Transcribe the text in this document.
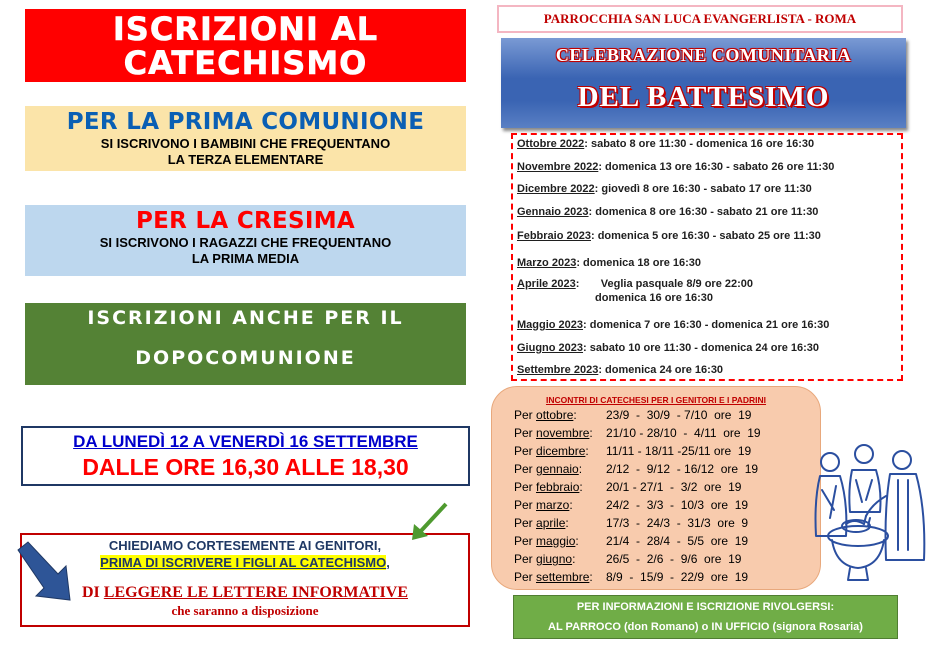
ISCRIZIONI AL
CATECHISMO
PER LA PRIMA COMUNIONE
SI ISCRIVONO I BAMBINI CHE FREQUENTANO
LA TERZA ELEMENTARE
PER LA CRESIMA
SI ISCRIVONO I RAGAZZI CHE FREQUENTANO
LA PRIMA MEDIA
ISCRIZIONI ANCHE PER IL
DOPOCOMUNIONE
DA LUNEDÌ 12 A VENERDÌ 16 SETTEMBRE
DALLE ORE 16,30 ALLE 18,30
CHIEDIAMO CORTESEMENTE AI GENITORI,
PRIMA DI ISCRIVERE I FIGLI AL CATECHISMO,
DI LEGGERE LE LETTERE INFORMATIVE
che saranno a disposizione
PARROCCHIA SAN LUCA EVANGERLISTA - ROMA
CELEBRAZIONE COMUNITARIA
DEL BATTESIMO
Ottobre 2022: sabato 8 ore 11:30 - domenica 16 ore 16:30
Novembre 2022: domenica 13 ore 16:30 - sabato 26 ore 11:30
Dicembre 2022: giovedì 8 ore 16:30 - sabato 17 ore 11:30
Gennaio 2023: domenica 8 ore 16:30 - sabato 21 ore 11:30
Febbraio 2023: domenica 5 ore 16:30 - sabato 25 ore 11:30
Marzo 2023: domenica 18 ore 16:30
Aprile 2023:       Veglia pasquale 8/9 ore 22:00
domenica 16 ore 16:30
Maggio 2023: domenica 7 ore 16:30 - domenica 21 ore 16:30
Giugno 2023: sabato 10 ore 11:30 - domenica 24 ore 16:30
Settembre 2023: domenica 24 ore 16:30
INCONTRI DI CATECHESI PER I GENITORI E I PADRINI
Per ottobre: 23/9  -  30/9  - 7/10  ore  19
Per novembre: 21/10 - 28/10  -  4/11  ore  19
Per dicembre: 11/11 - 18/11 -25/11 ore  19
Per gennaio: 2/12  -  9/12  - 16/12  ore  19
Per febbraio: 20/1 - 27/1  -  3/2  ore  19
Per marzo:	24/2  -  3/3  -  10/3  ore  19
Per aprile:	17/3  -  24/3  -  31/3  ore  9
Per maggio: 21/4  -  28/4  -  5/5  ore  19
Per giugno:	26/5  -  2/6  -  9/6  ore  19
Per settembre: 8/9  -  15/9  -  22/9  ore  19
PER INFORMAZIONI E ISCRIZIONE RIVOLGERSI:
AL PARROCO (don Romano) o IN UFFICIO (signora Rosaria)
